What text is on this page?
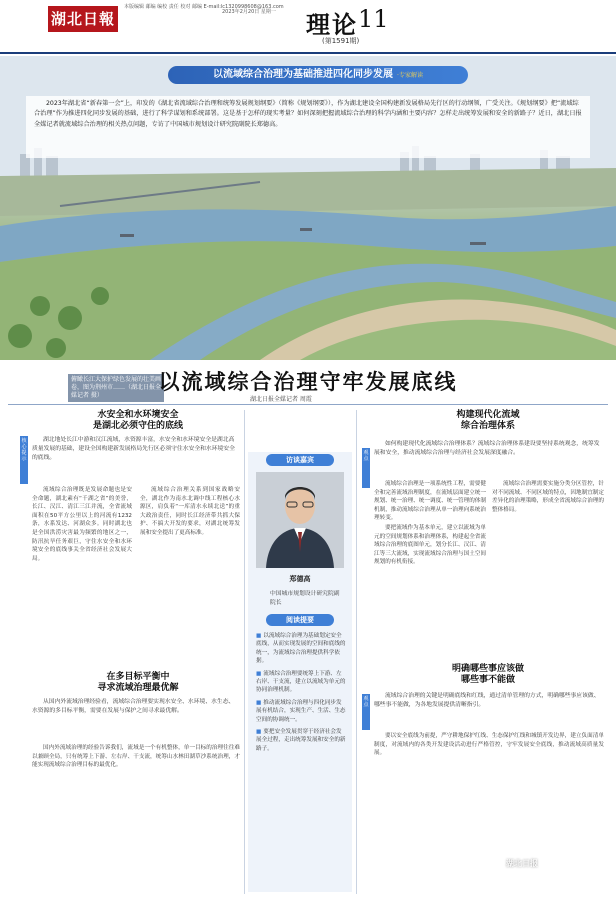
湖北日報
本版编辑 邮编 编校 责任 校对 邮编 E-mail:lc1320998608@163.com
2023年2月20日 星期一	理论 11
(第1591期)
俯瞰长江大保护绿色发展的壮美画卷，图为荆州市……（湖北日报全媒记者 摄）
以流域综合治理为基础推进四化同步发展 ·专家解读
2023年湖北省“新春第一会”上，印发的《湖北省流域综合治理和统筹发展规划纲要》（简称《规划纲要》），作为湖北建设全国构建新发展格局先行区的行动纲领，广受关注。《规划纲要》把“流域综合治理”作为推进四化同步发展的基础，进行了科学谋划和系统部署。这是基于怎样的现实考量？如何深刻把握流域综合治理的科学内涵和主要内容？怎样走出统筹发展和安全的新路子？近日，湖北日报全媒记者就流域综合治理的相关热点问题，专访了中国城市规划设计研究院副院长郑德高。
以流域综合治理守牢发展底线
湖北日报全媒记者 周霞
水安全和水环境安全
是湖北必须守住的底线
核心提示
湖北地处长江中游和汉江流域，水资源丰富，水安全和水环境安全是湖北高质量发展的基础，建设全国构建新发展格局先行区必须守住水安全和水环境安全的底线。

流域综合治理既是发展命题也是安全命题，湖北素有“千湖之省”的美誉，长江、汉江、清江三江并流，全省流域面积在50平方公里以上的河流有1232条，水系发达、河湖众多。同时湖北也是全国洪涝灾害最为频繁的地区之一，防汛抗旱任务艰巨，守住水安全和水环境安全的底线事关全省经济社会发展大局。

流域综合治理关系到国家战略安全，湖北作为南水北调中线工程核心水源区，肩负着“一库清水永续北送”的重大政治责任，同时长江经济带共抓大保护、不搞大开发的要求，对湖北统筹发展和安全提出了更高标准。

在多目标平衡中
寻求流域治理最优解
从国内外流域治理经验看，流域综合治理要实现水安全、水环境、水生态、水资源的多目标平衡，需要在发展与保护之间寻求最优解。

国内外流域治理的经验告诉我们，流域是一个有机整体，单一目标的治理往往难以兼顾全局，只有统筹上下游、左右岸、干支流，统筹山水林田湖草沙系统治理，才能实现流域综合治理目标的最优化。

访谈嘉宾
郑德高
中国城市规划设计研究院副院长
阅读提要
■ 以流域综合治理为基础划定安全底线，从而实现发展的空间和底线的统一，为流域综合治理提供科学依据。
■ 流域综合治理要统筹上下游、左右岸、干支流，建立以流域为单元的协同治理机制。
■ 推动流域综合治理与四化同步发展有机结合，实现生产、生活、生态空间的协调统一。
■ 要把安全发展贯穿于经济社会发展全过程，走出统筹发展和安全的新路子。
构建现代化流域
综合治理体系
观点
如何构建现代化流域综合治理体系？流域综合治理体系建设要坚持系统观念，统筹发展和安全，推动流域综合治理与经济社会发展深度融合。

流域综合治理是一项系统性工程，需要健全和完善流域治理制度，在流域层面建立统一规划、统一治理、统一调度、统一管理的体制机制，推动流域综合治理从单一治理向系统治理转变。

要把流域作为基本单元，建立以流域为单元的空间规划体系和治理体系，构建起全省流域综合治理的底图单元，划分长江、汉江、清江等三大流域，实现流域综合治理与国土空间规划的有机衔接。

流域综合治理需要实施分类分区管控，针对不同流域、不同区域的特点，因地制宜制定差异化的治理策略，形成全省流域综合治理的整体格局。

明确哪些事应该做
哪些事不能做
观点
流域综合治理的关键是明确底线和红线，通过清单管理的方式，明确哪些事应该做、哪些事不能做，为各地发展提供清晰指引。

要以安全底线为前提，严守耕地保护红线、生态保护红线和城镇开发边界，建立负面清单制度，对流域内的各类开发建设活动进行严格管控，守牢发展安全底线，推动流域高质量发展。

湖北日报
